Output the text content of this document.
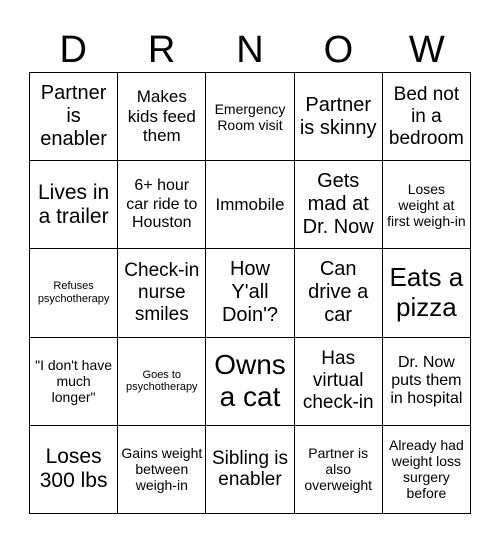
D	R	N	O	W
Partner is enabler
Makes kids feed them
Emergency Room visit
Partner is skinny
Bed not in a bedroom
Lives in a trailer
6+ hour car ride to Houston
Immobile
Gets mad at Dr. Now
Loses weight at first weigh-in
Refuses psychotherapy
Check-in nurse smiles
How Y'all Doin'?
Can drive a car
Eats a pizza
"I don't have much longer"
Goes to psychotherapy
Owns a cat
Has virtual check-in
Dr. Now puts them in hospital
Loses 300 lbs
Gains weight between weigh-in
Sibling is enabler
Partner is also overweight
Already had weight loss surgery before
